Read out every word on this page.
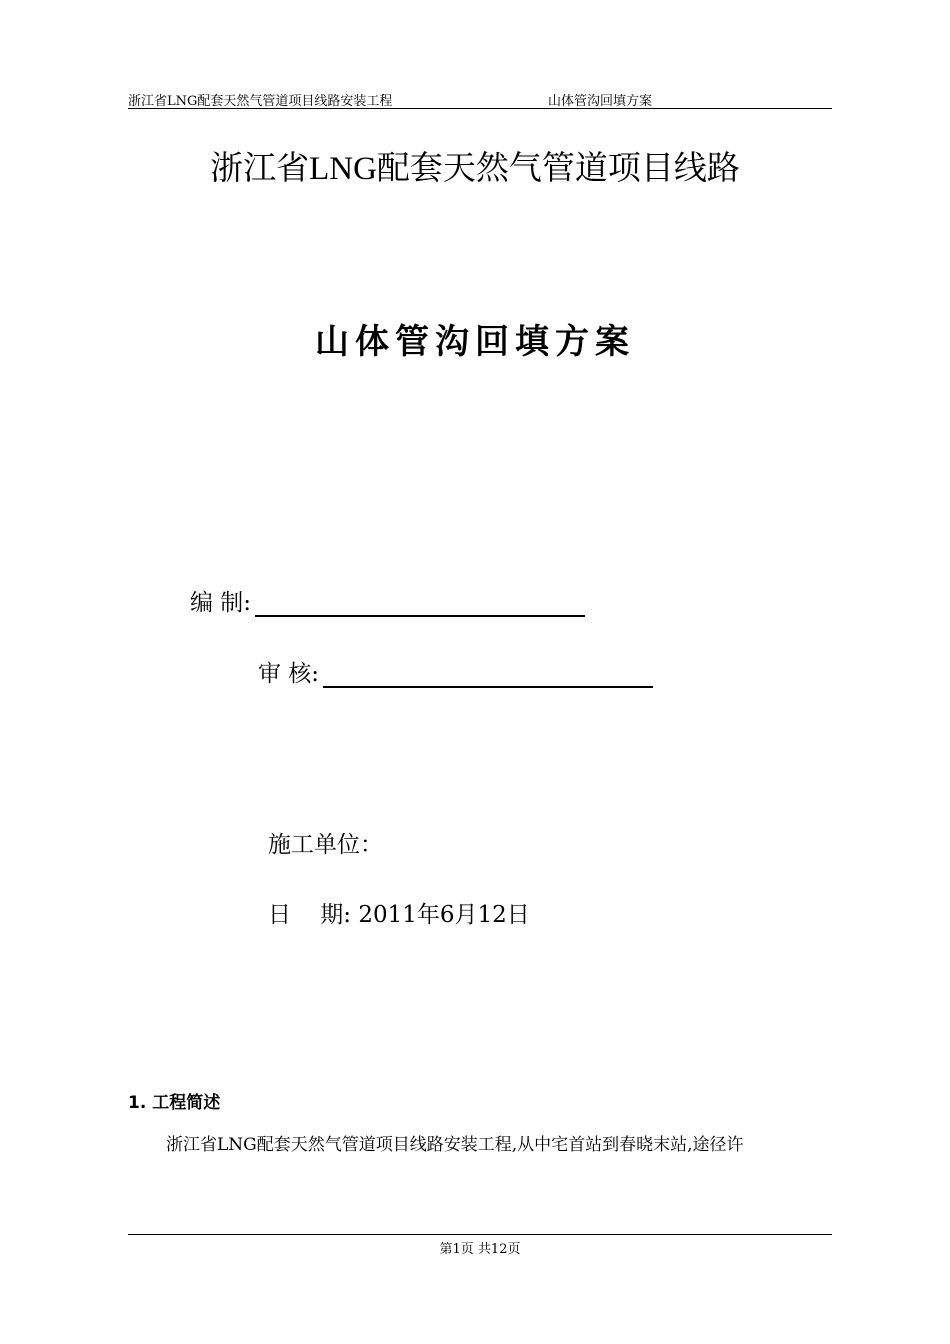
浙江省LNG配套天然气管道项目线路安装工程	山体管沟回填方案
浙江省LNG配套天然气管道项目线路
山体管沟回填方案
编 制:
审 核:
施工单位：
日    期: 2011年6月12日
1. 工程简述
浙江省LNG配套天然气管道项目线路安装工程,从中宅首站到春晓末站,途径许
第1页 共12页
